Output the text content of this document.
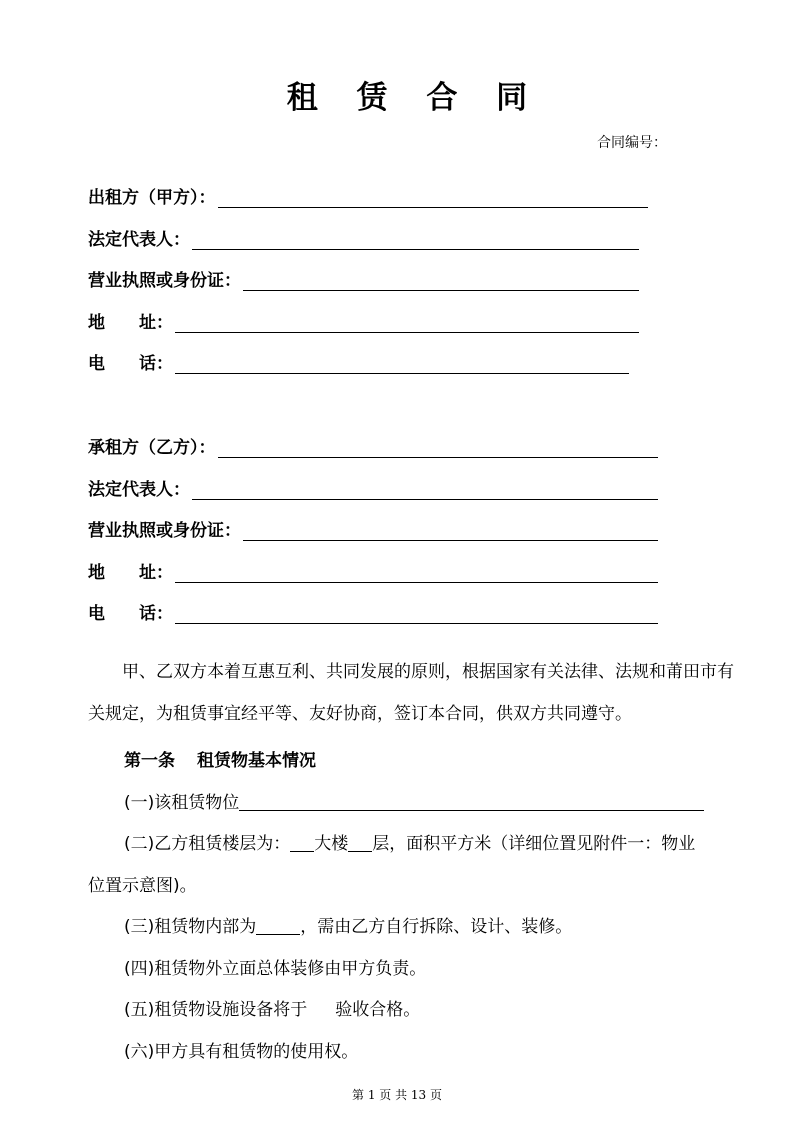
租 赁 合 同
合同编号：
出租方（甲方）：
法定代表人：
营业执照或身份证：
地 址：
电 话：
承租方（乙方）：
法定代表人：
营业执照或身份证：
地 址：
电 话：
甲、乙双方本着互惠互利、共同发展的原则，根据国家有关法律、法规和莆田市有关规定，为租赁事宜经平等、友好协商，签订本合同，供双方共同遵守。
第一条 租赁物基本情况
(一)该租赁物位
(二)乙方租赁楼层为： 大楼 层，面积平方米（详细位置见附件一：物业
位置示意图)。
(三)租赁物内部为	，需由乙方自行拆除、设计、装修。
(四)租赁物外立面总体装修由甲方负责。
(五)租赁物设施设备将于 验收合格。
(六)甲方具有租赁物的使用权。
第 1 页 共 13 页
